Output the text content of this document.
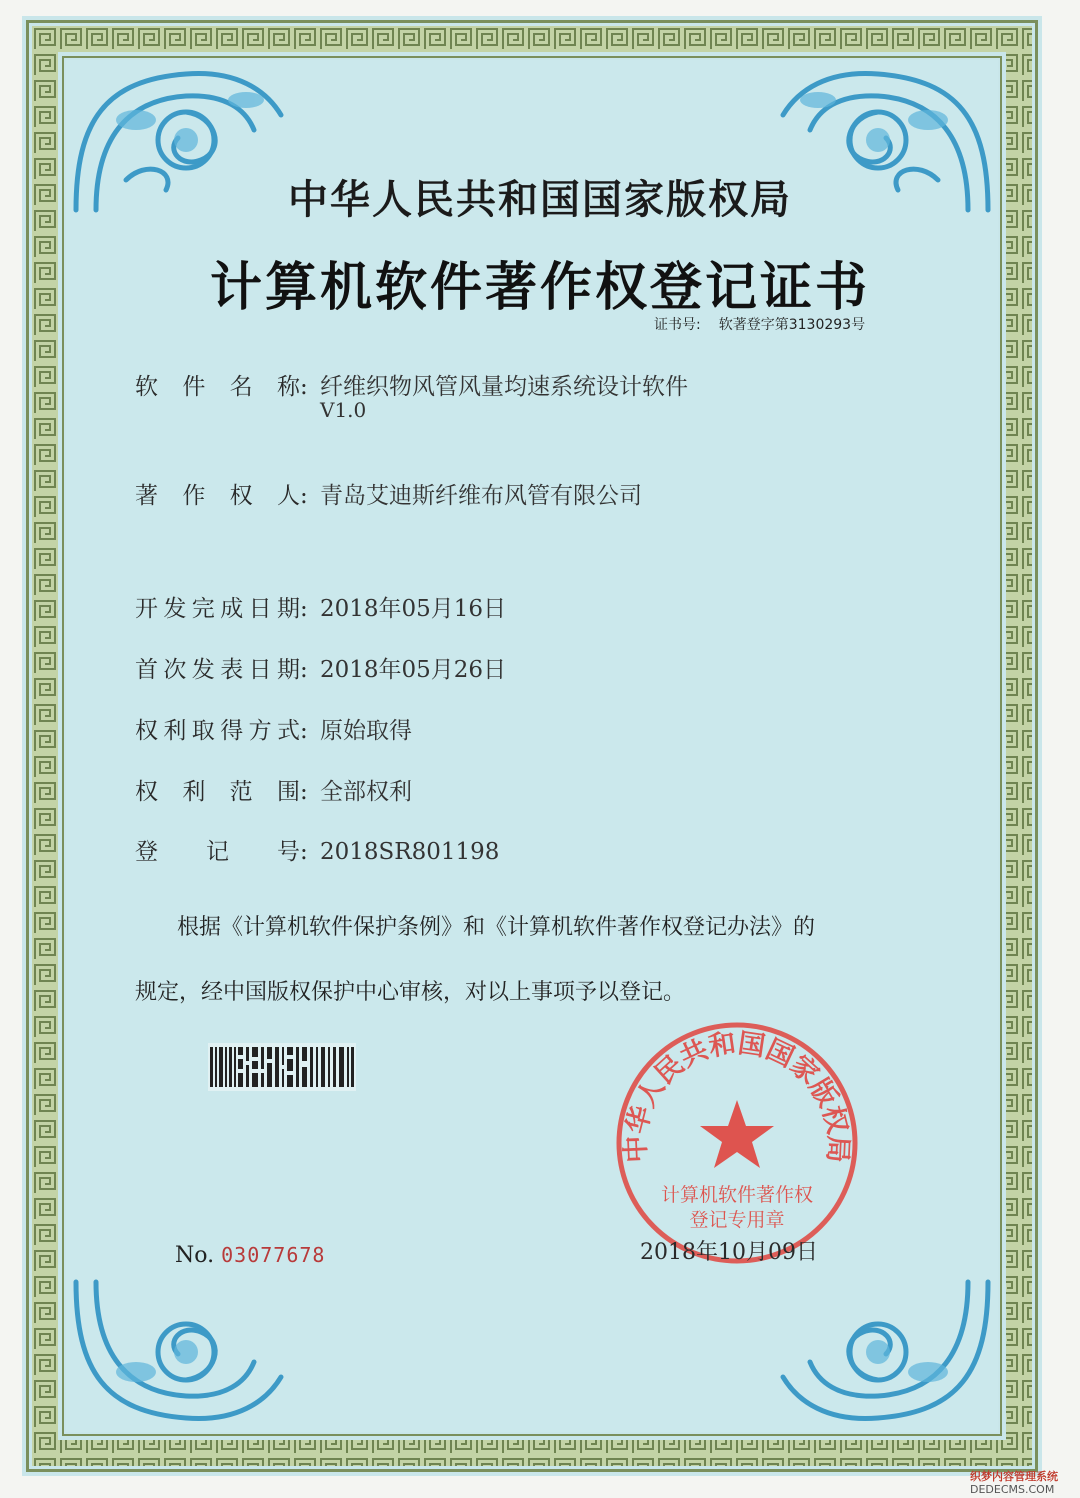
中华人民共和国国家版权局
计算机软件著作权登记证书
证书号: 软著登字第3130293号
软 件 名 称: 纤维织物风管风量均速系统设计软件
V1.0
著 作 权 人: 青岛艾迪斯纤维布风管有限公司
开发完成日期: 2018年05月16日
首次发表日期: 2018年05月26日
权利取得方式: 原始取得
权 利 范 围: 全部权利
登 记 号: 2018SR801198
根据《计算机软件保护条例》和《计算机软件著作权登记办法》的
规定，经中国版权保护中心审核，对以上事项予以登记。
中华人民共和国国家版权局
计算机软件著作权
登记专用章
2018年10月09日
No. 03077678
织梦内容管理系统
DEDECMS.COM
